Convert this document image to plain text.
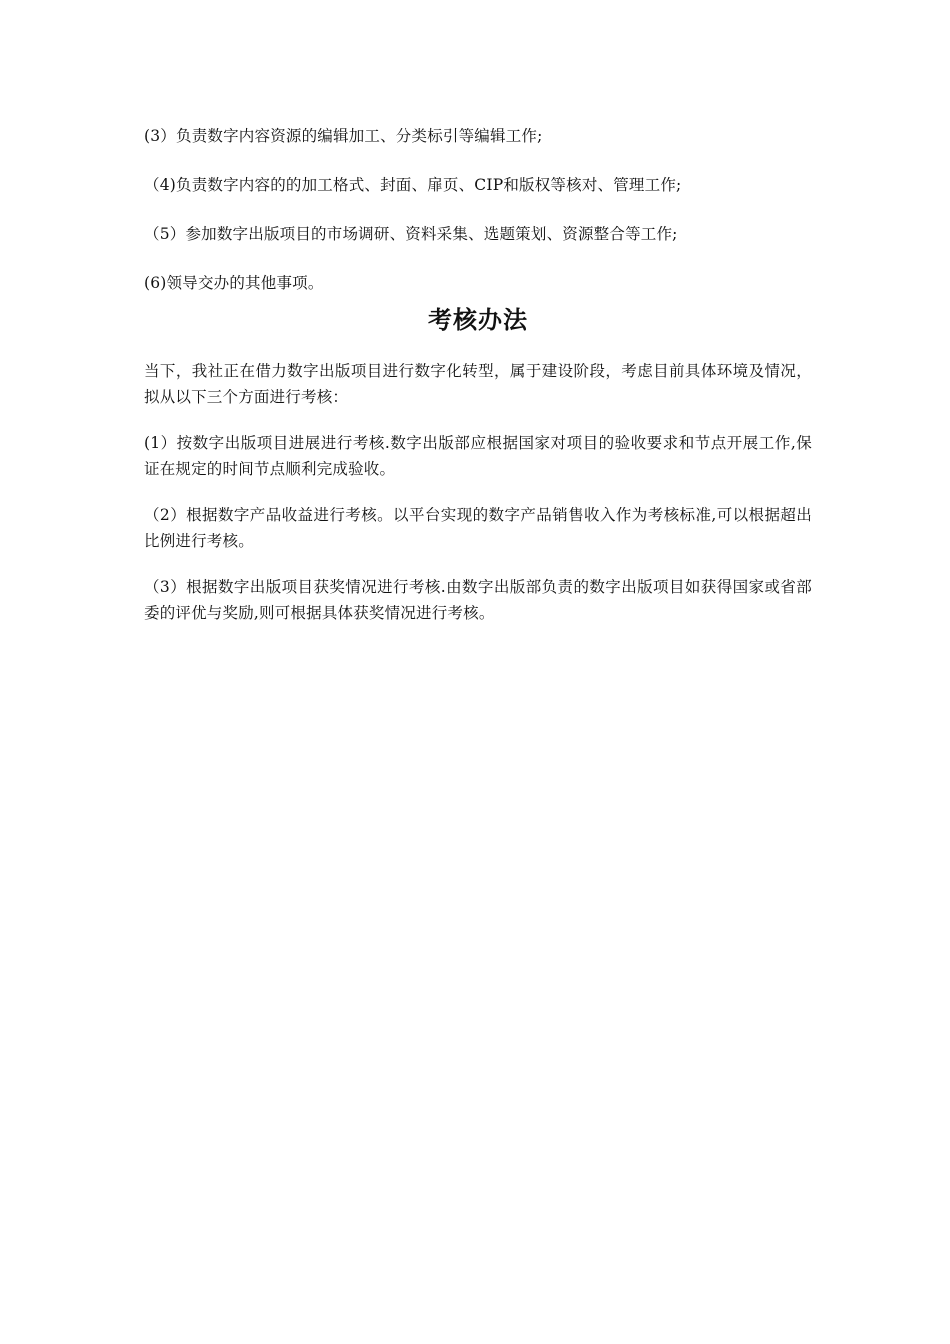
(3）负责数字内容资源的编辑加工、分类标引等编辑工作;

（4)负责数字内容的的加工格式、封面、扉页、CIP和版权等核对、管理工作;

（5）参加数字出版项目的市场调研、资料采集、选题策划、资源整合等工作;

(6)领导交办的其他事项。

考核办法

当下，我社正在借力数字出版项目进行数字化转型，属于建设阶段，考虑目前具体环境及情况，拟从以下三个方面进行考核：

(1）按数字出版项目进展进行考核.数字出版部应根据国家对项目的验收要求和节点开展工作,保证在规定的时间节点顺利完成验收。

（2）根据数字产品收益进行考核。以平台实现的数字产品销售收入作为考核标准,可以根据超出比例进行考核。

（3）根据数字出版项目获奖情况进行考核.由数字出版部负责的数字出版项目如获得国家或省部委的评优与奖励,则可根据具体获奖情况进行考核。
